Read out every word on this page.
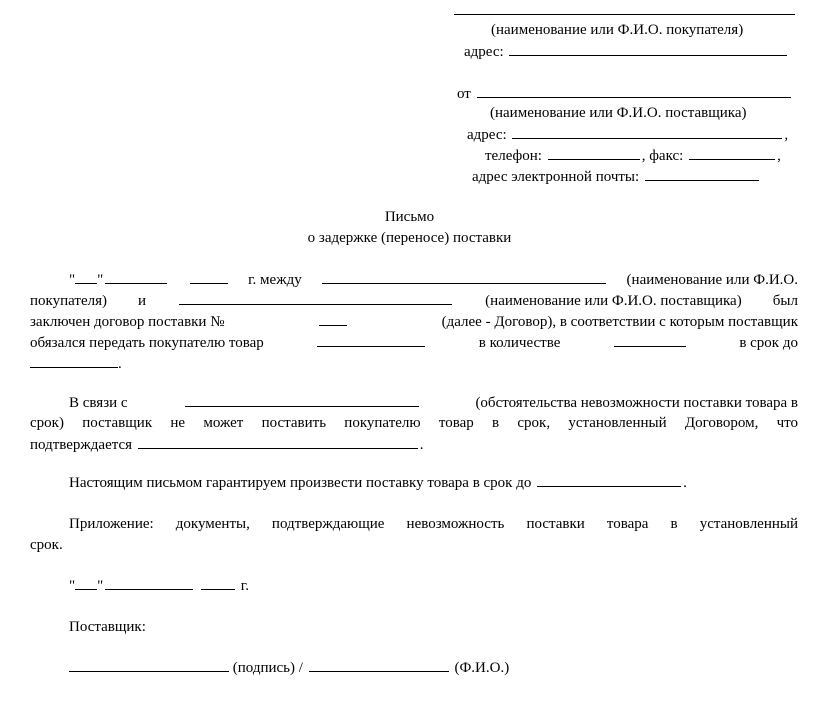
(наименование или Ф.И.О. покупателя)
адрес:
от
(наименование или Ф.И.О. поставщика)
адрес:	,
телефон:	, факс:	,
адрес электронной почты:
Письмо
о задержке (переносе) поставки
" "	г. между	(наименование или Ф.И.О.
покупателя) и	(наименование или Ф.И.О. поставщика) был
заключен договор поставки №	(далее - Договор), в соответствии с которым поставщик
обязался передать покупателю товар	в количестве	в срок до
.
В связи с	(обстоятельства невозможности поставки товара в
срок) поставщик не может поставить покупателю товар в срок, установленный Договором, что
подтверждается	.
Настоящим письмом гарантируем произвести поставку товара в срок до	.
Приложение: документы, подтверждающие невозможность поставки товара в установленный
срок.
" "	г.
Поставщик:
(подпись) /	(Ф.И.О.)
